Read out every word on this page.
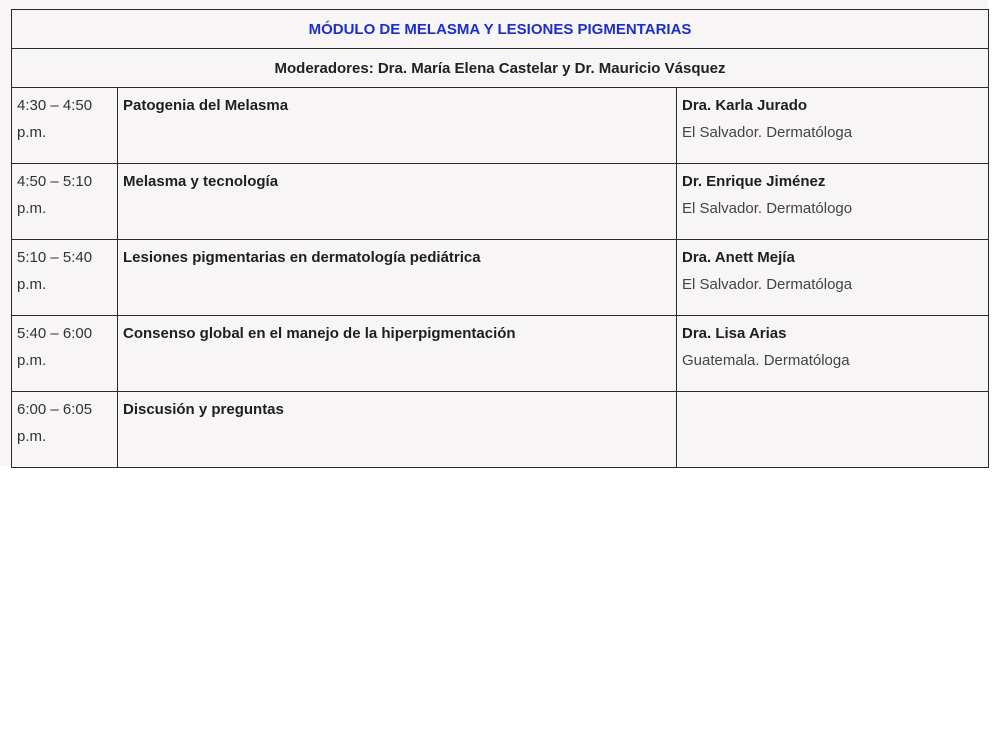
MÓDULO DE MELASMA Y LESIONES PIGMENTARIAS		
Moderadores: Dra. María Elena Castelar y Dr. Mauricio Vásquez		

4:30 – 4:50 p.m.	Patogenia del Melasma	Dra. Karla Jurado
El Salvador. Dermatóloga

4:50 – 5:10 p.m.	Melasma y tecnología	Dr. Enrique Jiménez
El Salvador. Dermatólogo

5:10 – 5:40 p.m.	Lesiones pigmentarias en dermatología pediátrica	Dra. Anett Mejía
El Salvador. Dermatóloga

5:40 – 6:00 p.m.	Consenso global en el manejo de la hiperpigmentación	Dra. Lisa Arias
Guatemala. Dermatóloga

6:00 – 6:05 p.m.	Discusión y preguntas	
